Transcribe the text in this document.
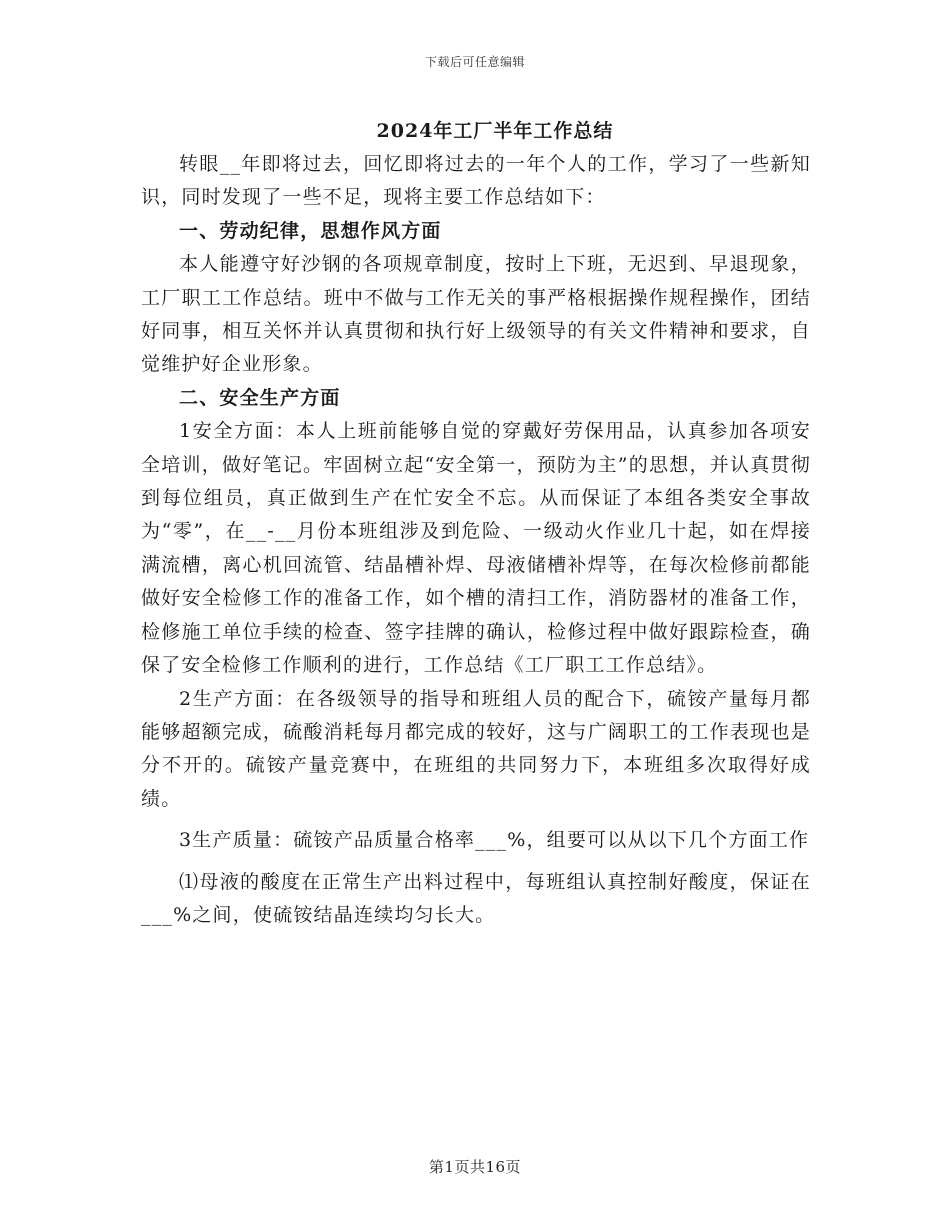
下载后可任意编辑
2024年工厂半年工作总结

转眼__年即将过去，回忆即将过去的一年个人的工作，学习了一些新知识，同时发现了一些不足，现将主要工作总结如下：

一、劳动纪律，思想作风方面

本人能遵守好沙钢的各项规章制度，按时上下班，无迟到、早退现象，工厂职工工作总结。班中不做与工作无关的事严格根据操作规程操作，团结好同事，相互关怀并认真贯彻和执行好上级领导的有关文件精神和要求，自觉维护好企业形象。

二、安全生产方面

1安全方面：本人上班前能够自觉的穿戴好劳保用品，认真参加各项安全培训，做好笔记。牢固树立起“安全第一，预防为主”的思想，并认真贯彻到每位组员，真正做到生产在忙安全不忘。从而保证了本组各类安全事故为“零”，在__-__月份本班组涉及到危险、一级动火作业几十起，如在焊接满流槽，离心机回流管、结晶槽补焊、母液储槽补焊等，在每次检修前都能做好安全检修工作的准备工作，如个槽的清扫工作，消防器材的准备工作，检修施工单位手续的检查、签字挂牌的确认，检修过程中做好跟踪检查，确保了安全检修工作顺利的进行，工作总结《工厂职工工作总结》。

2生产方面：在各级领导的指导和班组人员的配合下，硫铵产量每月都能够超额完成，硫酸消耗每月都完成的较好，这与广阔职工的工作表现也是分不开的。硫铵产量竞赛中，在班组的共同努力下，本班组多次取得好成绩。

3生产质量：硫铵产品质量合格率___%，组要可以从以下几个方面工作

⑴母液的酸度在正常生产出料过程中，每班组认真控制好酸度，保证在___%之间，使硫铵结晶连续均匀长大。

第1页共16页
